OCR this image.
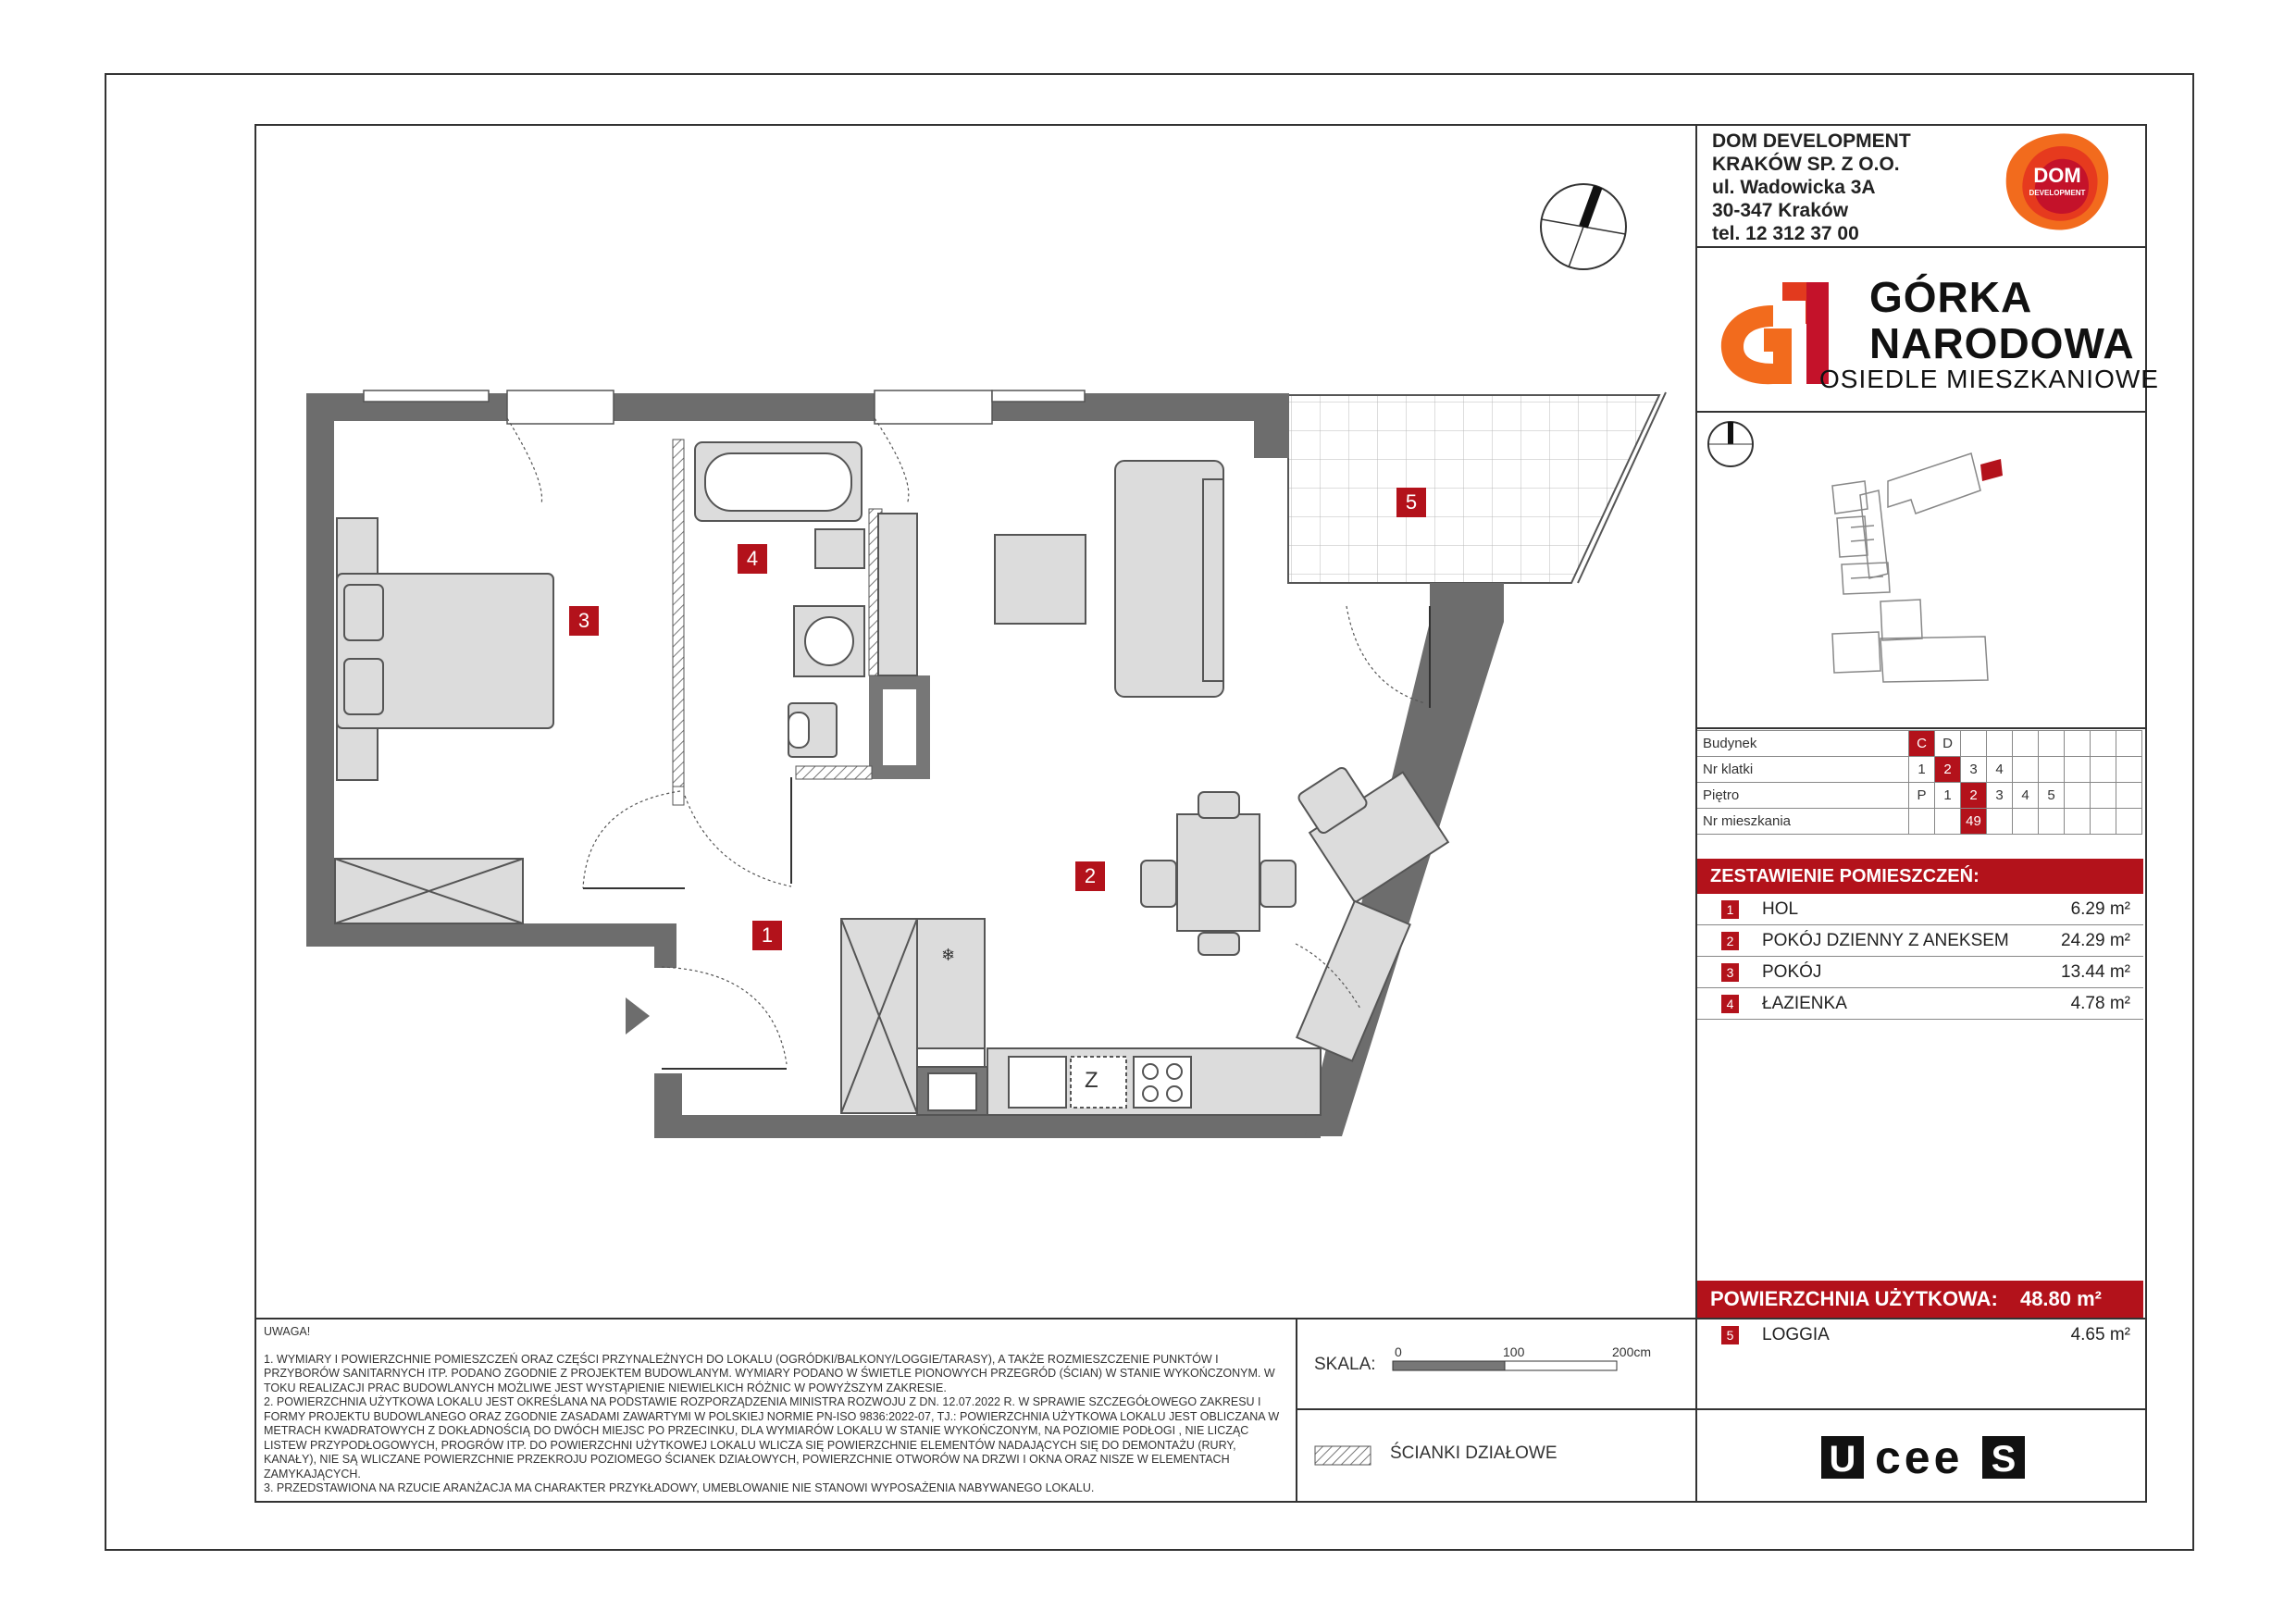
❄
1
2
3
4
5
Z
DOM DEVELOPMENT
KRAKÓW SP. Z O.O.
ul. Wadowicka 3A
30-347 Kraków
tel. 12 312 37 00
DOM
DEVELOPMENT
GÓRKA
NARODOWA
OSIEDLE MIESZKANIOWE
Budynek	C	D							
Nr klatki	1	2	3	4					
Piętro	P	1	2	3	4	5			
Nr mieszkania			49						
ZESTAWIENIE POMIESZCZEŃ:
1 HOL	6.29 m²
2 POKÓJ DZIENNY Z ANEKSEM	24.29 m²
3 POKÓJ	13.44 m²
4 ŁAZIENKA	4.78 m²
POWIERZCHNIA UŻYTKOWA: 48.80 m²
5 LOGGIA	4.65 m²

UWAGA!

1. WYMIARY I POWIERZCHNIE POMIESZCZEŃ ORAZ CZĘŚCI PRZYNALEŻNYCH DO LOKALU (OGRÓDKI/BALKONY/LOGGIE/TARASY), A TAKŻE ROZMIESZCZENIE PUNKTÓW I PRZYBORÓW SANITARNYCH ITP. PODANO ZGODNIE Z PROJEKTEM BUDOWLANYM. WYMIARY PODANO W ŚWIETLE PIONOWYCH PRZEGRÓD (ŚCIAN) W STANIE WYKOŃCZONYM. W TOKU REALIZACJI PRAC BUDOWLANYCH MOŻLIWE JEST WYSTĄPIENIE NIEWIELKICH RÓŻNIC W POWYŻSZYM ZAKRESIE.

2. POWIERZCHNIA UŻYTKOWA LOKALU JEST OKREŚLANA NA PODSTAWIE ROZPORZĄDZENIA MINISTRA ROZWOJU Z DN. 12.07.2022 R. W SPRAWIE SZCZEGÓŁOWEGO ZAKRESU I FORMY PROJEKTU BUDOWLANEGO ORAZ ZGODNIE ZASADAMI ZAWARTYMI W POLSKIEJ NORMIE PN-ISO 9836:2022-07, TJ.: POWIERZCHNIA UŻYTKOWA LOKALU JEST OBLICZANA W METRACH KWADRATOWYCH Z DOKŁADNOŚCIĄ DO DWÓCH MIEJSC PO PRZECINKU, DLA WYMIARÓW LOKALU W STANIE WYKOŃCZONYM, NA POZIOMIE PODŁOGI , NIE LICZĄC LISTEW PRZYPODŁOGOWYCH, PROGRÓW ITP. DO POWIERZCHNI UŻYTKOWEJ LOKALU WLICZA SIĘ POWIERZCHNIE ELEMENTÓW NADAJĄCYCH SIĘ DO DEMONTAŻU (RURY, KANAŁY), NIE SĄ WLICZANE POWIERZCHNIE PRZEKROJU POZIOMEGO ŚCIANEK DZIAŁOWYCH, POWIERZCHNIE OTWORÓW NA DRZWI I OKNA ORAZ NISZE W ELEMENTACH ZAMYKAJĄCYCH.

3. PRZEDSTAWIONA NA RZUCIE ARANŻACJA MA CHARAKTER PRZYKŁADOWY, UMEBLOWANIE NIE STANOWI WYPOSAŻENIA NABYWANEGO LOKALU.

SKALA:
0	100	200cm
ŚCIANKI DZIAŁOWE	U cee S
